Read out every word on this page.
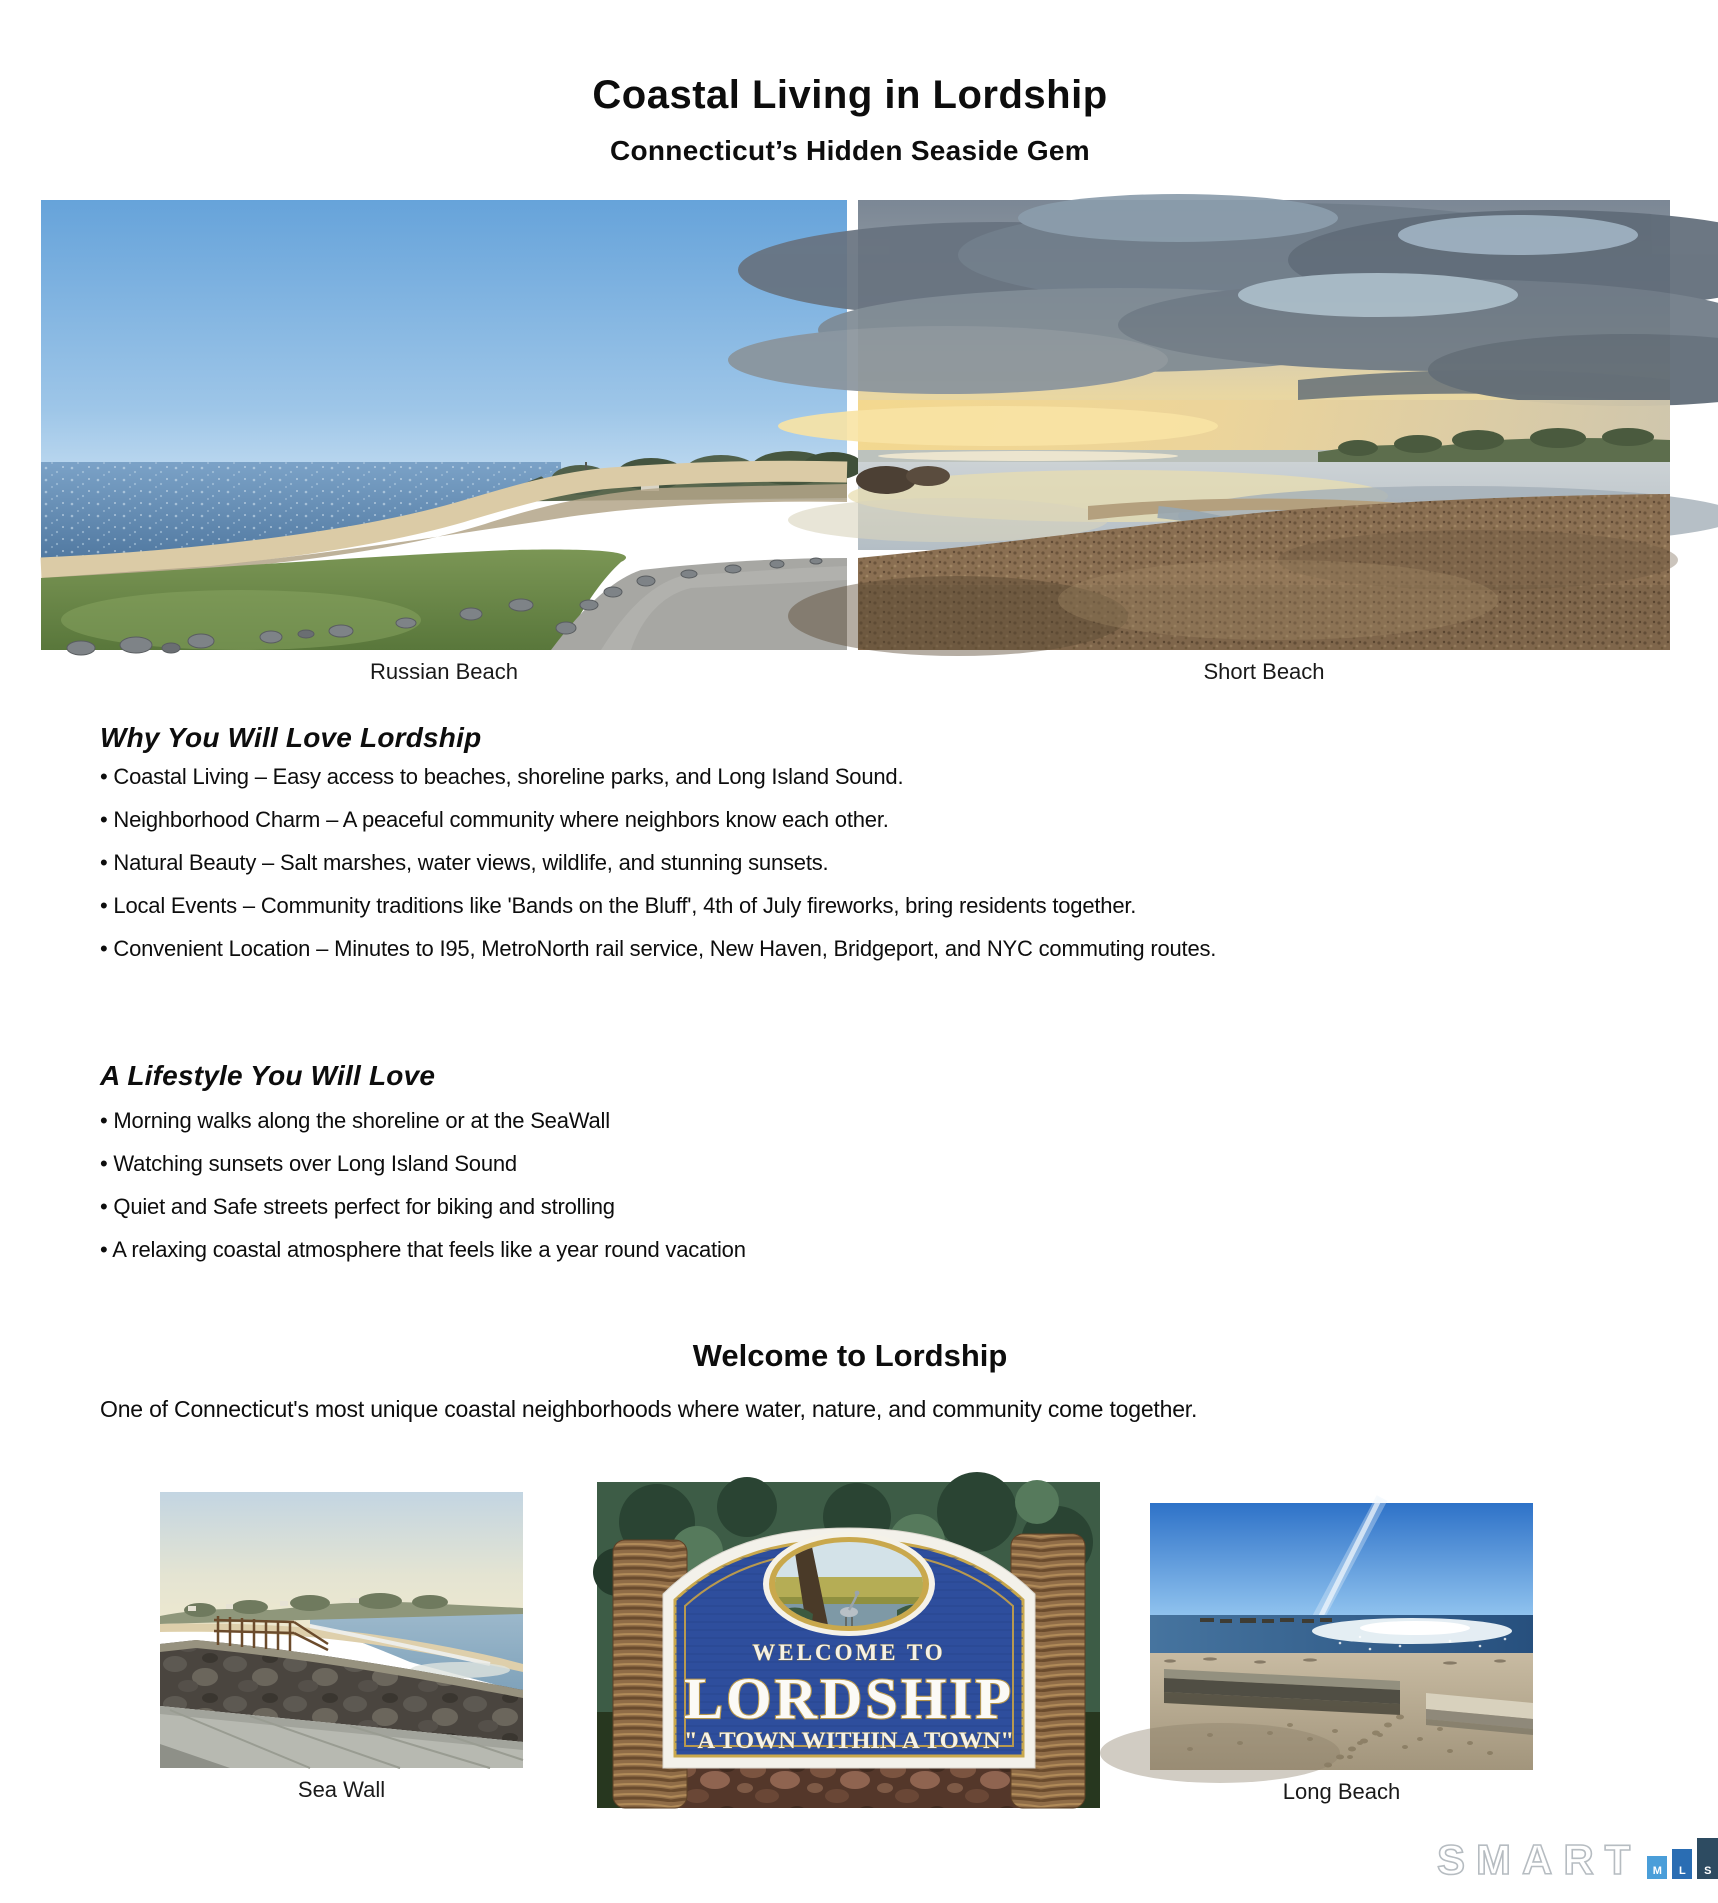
Coastal Living in Lordship
Connecticut’s Hidden Seaside Gem
Russian Beach	Short Beach
Why You Will Love Lordship
• Coastal Living – Easy access to beaches, shoreline parks, and Long Island Sound.
• Neighborhood Charm – A peaceful community where neighbors know each other.
• Natural Beauty – Salt marshes, water views, wildlife, and stunning sunsets.
• Local Events – Community traditions like 'Bands on the Bluff', 4th of July fireworks, bring residents together.
• Convenient Location – Minutes to I95, MetroNorth rail service, New Haven, Bridgeport, and NYC commuting routes.
A Lifestyle You Will Love
• Morning walks along the shoreline or at the SeaWall
• Watching sunsets over Long Island Sound
• Quiet and Safe streets perfect for biking and strolling
• A relaxing coastal atmosphere that feels like a year round vacation
Welcome to Lordship
One of Connecticut's most unique coastal neighborhoods where water, nature, and community come together.
Sea Wall
WELCOME TO
LORDSHIP
"A TOWN WITHIN A TOWN"
Long Beach
SMART	M	L	S
